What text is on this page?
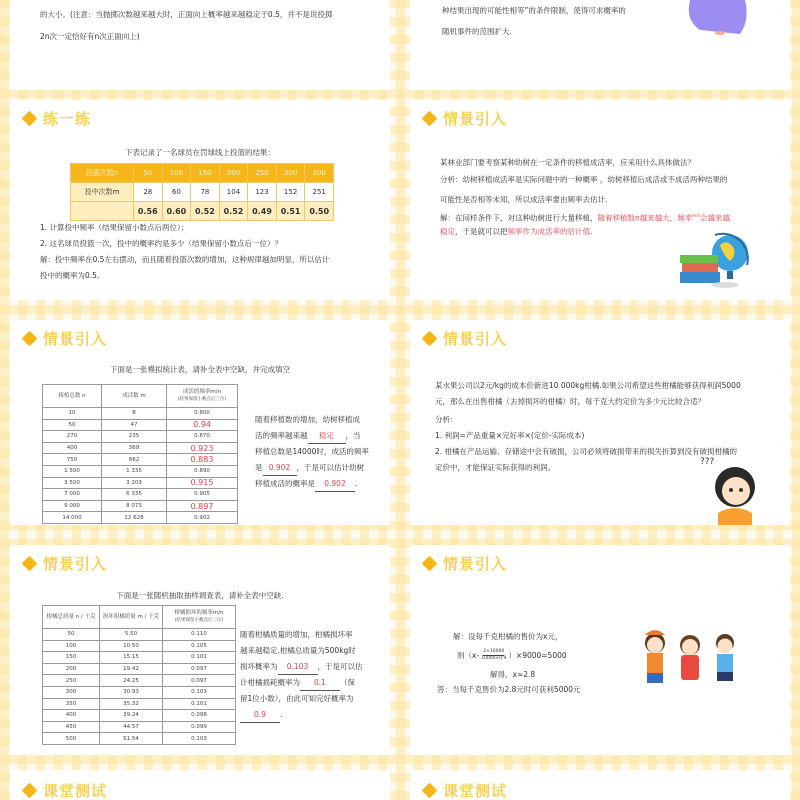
的大小。(注意：当抛掷次数越来越大时，正面向上概率越来越稳定于0.5，并不是说投掷
2n次一定恰好有n次正面向上)
种结果出现的可能性相等”的条件限制，使得可求概率的
随机事件的范围扩大.
练一练
下表记录了一名球员在罚球线上投篮的结果：
投篮次数n	50	100	150	200	250	300	500
投中次数m	28	60	78	104	123	152	251
	0.56	0.60	0.52	0.52	0.49	0.51	0.50
1. 计算投中频率（结果保留小数点后两位）；
2. 这名球员投篮一次，投中的概率约是多少（结果保留小数点后一位）？
解：投中频率在0.5左右摆动，而且随着投篮次数的增加，这种规律越加明显，所以估计
投中的概率为0.5。
情景引入
某林业部门要考察某种幼树在一定条件的移植成活率，应采用什么具体做法？
分析：幼树移植成活率是实际问题中的一种概率 ，幼树移植后成活或不成活两种结果的
可能性是否相等未知，所以成活率要由频率去估计.
解：在同样条件下，对这种幼树进行大量移植，随着移植数n越来越大，频率$^{m/n}$会越来越
稳定，于是就可以把频率作为成活率的估计值.
情景引入
下面是一张模拟统计表，请补全表中空缺，并完成填空
移植总数 n	成活数 m	成活的频率m/n
(结果保留小数点后三位)

10	8	0.800
50	47	0.94
270	235	0.870
400	369	0.923
750	662	0.883
1 500	1 335	0.890
3 500	3 203	0.915
7 000	6 335	0.905
9 000	8 073	0.897
14 000	12 628	0.902
随着移植数的增加，幼树移植成
活的频率越来越 稳定 ，当
移植总数是14000时，成活的频率
是 0.902 ，于是可以估计幼树
移植成活的概率是 0.902 .
情景引入
某水果公司以2元/kg的成本价新进10 000kg柑橘.如果公司希望这些柑橘能够获得利润5000
元，那么在出售柑橘（去掉损坏的柑橘）时，每千克大约定价为多少元比较合适？
分析：
1. 利润=产品重量×完好率×(定价-实际成本)
2. 柑橘在产品运输、存储途中会有破损，公司必须将破损带来的损失折算到没有破损柑橘的
定价中，才能保证实际获得的利润。
???
情景引入
下面是一张随机抽取抽样调查表，请补全表中空缺.
柑橘总质量 n / 千克	损坏柑橘质量 m / 千克	柑橘损坏的频率m/n
(结果保留小数点后三位)

50	5.50	0.110
100	10.50	0.105
150	15.15	0.101
200	19.42	0.097
250	24.25	0.097
300	30.93	0.103
350	35.32	0.101
400	39.24	0.098
450	44.57	0.099
500	51.54	0.103
随着柑橘质量的增加，柑橘损坏率
越来越稳定.柑橘总质量为500kg时
损坏概率为 0.103 ，于是可以估
计柑橘损耗概率为 0.1 （保
留1位小数），由此可知完好概率为
0.9 .
情景引入
解：设每千克柑橘的售价为x元，
则$(x- \frac{2\times 10000}{10000\times 0.9} )\times 9000=5000$
解得，x≈2.8
答：当每千克售价为2.8元时可获利5000元
课堂测试	课堂测试
